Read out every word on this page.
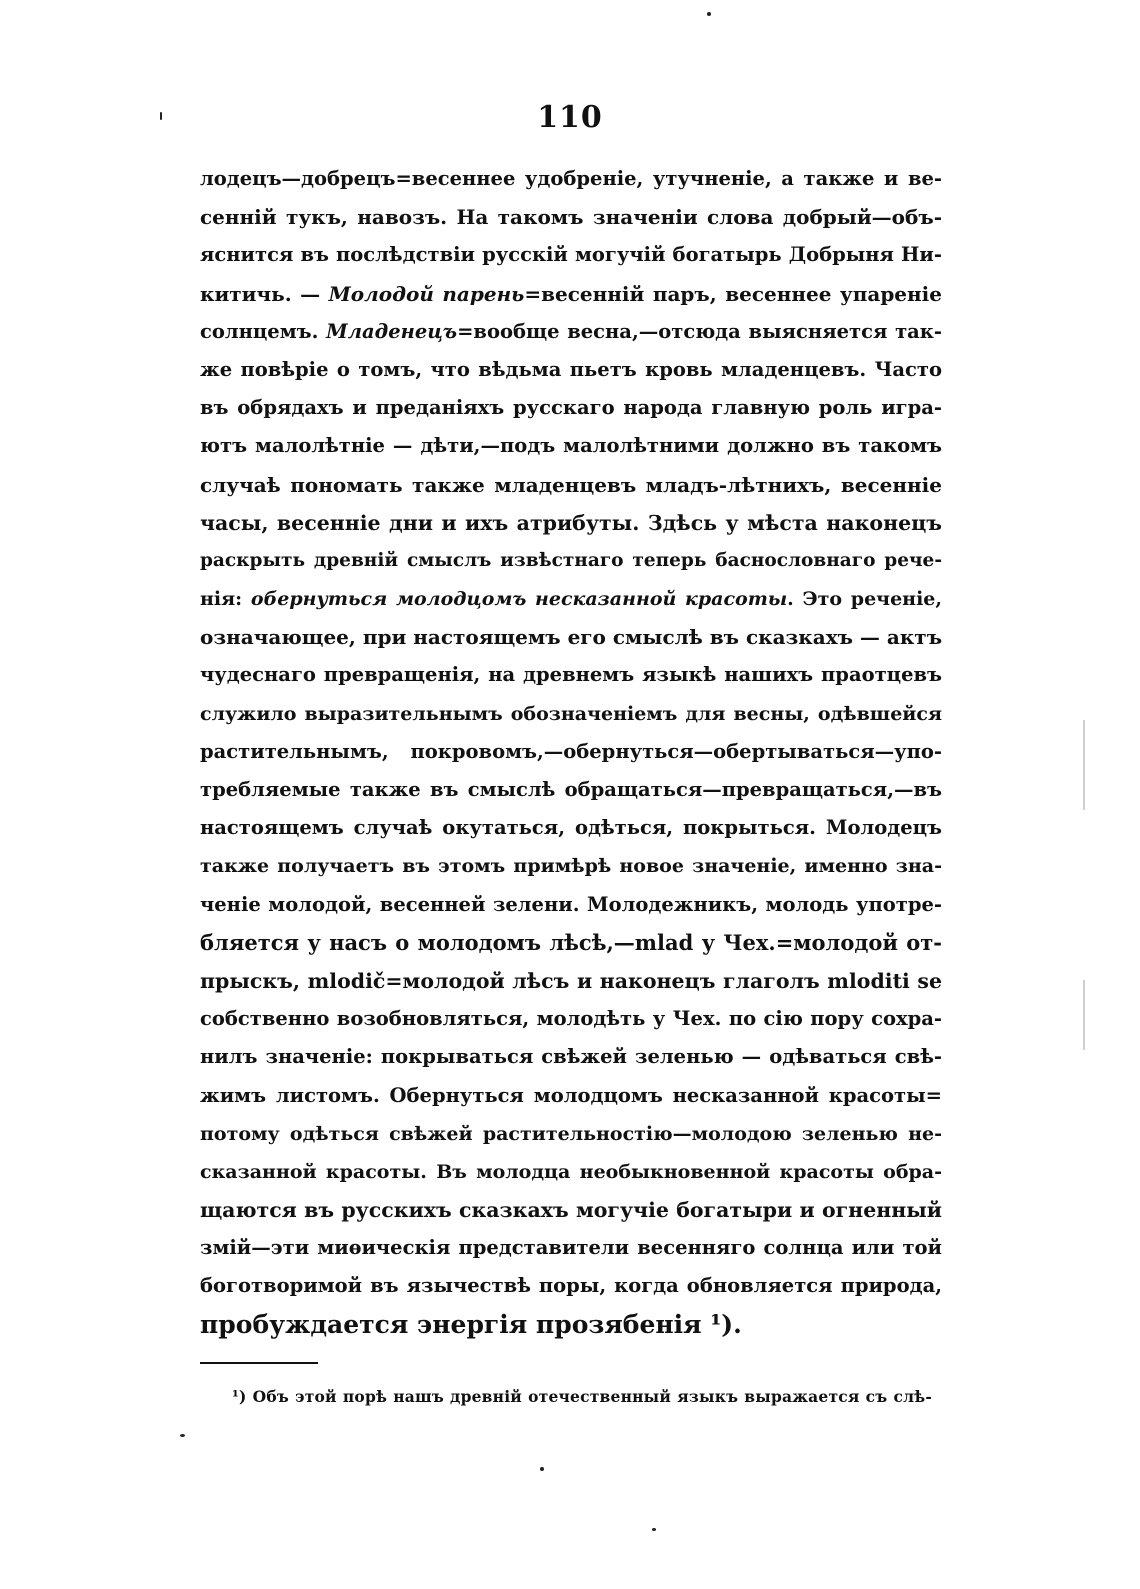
110
лодецъ—добрецъ=весеннее удобреніе, утучненіе, а также и ве-
сенній тукъ, навозъ. На такомъ значеніи слова добрый—объ-
яснится въ послѣдствіи русскій могучій богатырь Добрыня Ни-
китичь. — Молодой парень=весенній паръ, весеннее упареніе
солнцемъ. Младенецъ=вообще весна,—отсюда выясняется так-
же повѣріе о томъ, что вѣдьма пьетъ кровь младенцевъ. Часто
въ обрядахъ и преданіяхъ русскаго народа главную роль игра-
ютъ малолѣтніе — дѣти,—подъ малолѣтними должно въ такомъ
случаѣ пономать также младенцевъ младъ-лѣтнихъ, весенніе
часы, весенніе дни и ихъ атрибуты. Здѣсь у мѣста наконецъ
раскрыть древній смыслъ извѣстнаго теперь баснословнаго рече-
нія: обернуться молодцомъ несказанной красоты. Это реченіе,
означающее, при настоящемъ его смыслѣ въ сказкахъ — актъ
чудеснаго превращенія, на древнемъ языкѣ нашихъ праотцевъ
служило выразительнымъ обозначеніемъ для весны, одѣвшейся
растительнымъ, покровомъ,—обернуться—обертываться—упо-
требляемые также въ смыслѣ обращаться—превращаться,—въ
настоящемъ случаѣ окутаться, одѣться, покрыться. Молодецъ
также получаетъ въ этомъ примѣрѣ новое значеніе, именно зна-
ченіе молодой, весенней зелени. Молодежникъ, молодь употре-
бляется у насъ о молодомъ лѣсѣ,—mlad у Чех.=молодой от-
прыскъ, mlodič=молодой лѣсъ и наконецъ глаголъ mloditi se
собственно возобновляться, молодѣть у Чех. по сію пору сохра-
нилъ значеніе: покрываться свѣжей зеленью — одѣваться свѣ-
жимъ листомъ. Обернуться молодцомъ несказанной красоты=
потому одѣться свѣжей растительностію—молодою зеленью не-
сказанной красоты. Въ молодца необыкновенной красоты обра-
щаются въ русскихъ сказкахъ могучіе богатыри и огненный
змій—эти миѳическія представители весенняго солнца или той
боготворимой въ язычествѣ поры, когда обновляется природа,
пробуждается энергія прозябенія ¹).
¹) Объ этой порѣ нашъ древній отечественный языкъ выражается съ слѣ-
